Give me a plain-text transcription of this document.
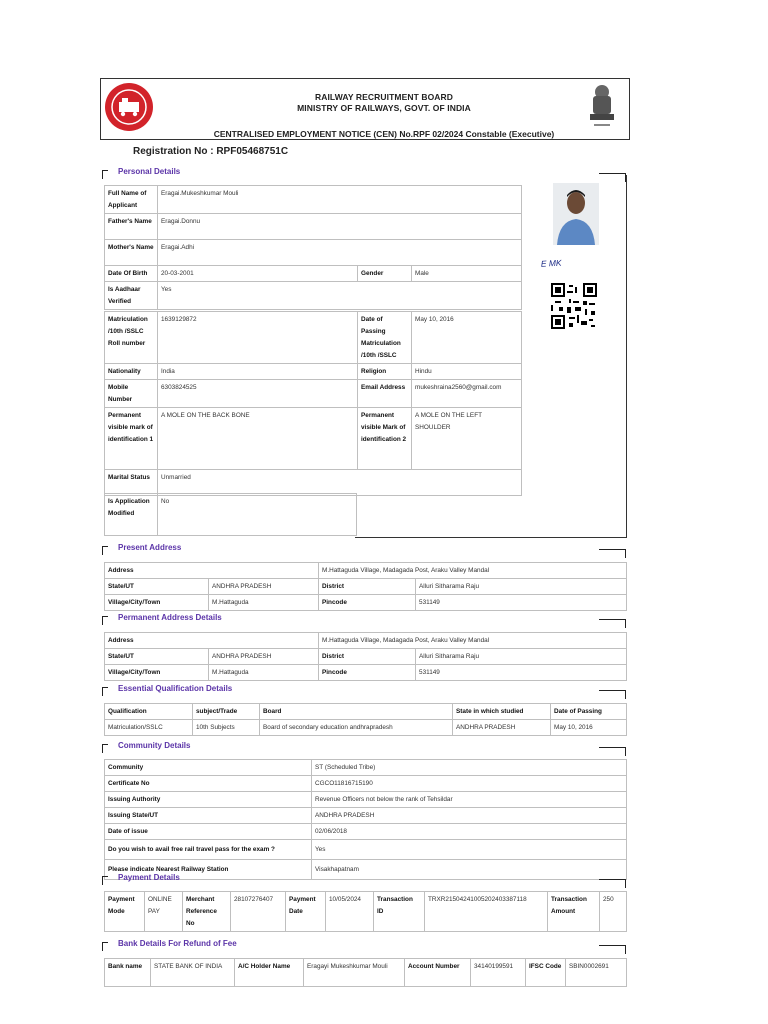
RAILWAY RECRUITMENT BOARD
MINISTRY OF RAILWAYS, GOVT. OF INDIA
CENTRALISED EMPLOYMENT NOTICE (CEN) No.RPF 02/2024 Constable (Executive)
Registration No : RPF05468751C
Personal Details
Full Name of Applicant	Eragai.Mukeshkumar Mouli		
Father's Name	Eragai.Donnu		
Mother's Name	Eragai.Adhi		
Date Of Birth	20-03-2001	Gender	Male
Is Aadhaar Verified	Yes		
Matriculation /10th /SSLC Roll number	1639129872	Date of Passing Matriculation /10th /SSLC	May 10, 2016
Nationality	India	Religion	Hindu
Mobile Number	6303824525	Email Address	mukeshraina2560@gmail.com
Permanent visible mark of identification 1	A MOLE ON THE BACK BONE	Permanent visible Mark of identification 2	A MOLE ON THE LEFT SHOULDER
Marital Status	Unmarried		
Is Application Modified	No
E MK
Present Address
Address		M.Hattaguda Village, Madagada Post, Araku Valley Mandal	
State/UT	ANDHRA PRADESH	District	Alluri Sitharama Raju
Village/City/Town	M.Hattaguda	Pincode	531149
Permanent Address Details
Address		M.Hattaguda Village, Madagada Post, Araku Valley Mandal	
State/UT	ANDHRA PRADESH	District	Alluri Sitharama Raju
Village/City/Town	M.Hattaguda	Pincode	531149
Essential Qualification Details
Qualification	subject/Trade	Board	State in which studied	Date of Passing
Matriculation/SSLC	10th Subjects	Board of secondary education andhrapradesh	ANDHRA PRADESH	May 10, 2016
Community Details
Community	ST (Scheduled Tribe)
Certificate No	CGCO11816715190
Issuing Authority	Revenue Officers not below the rank of Tehsildar
Issuing State/UT	ANDHRA PRADESH
Date of issue	02/06/2018
Do you wish to avail free rail travel pass for the exam ?	Yes
Please indicate Nearest Railway Station	Visakhapatnam
Payment Details
Payment Mode	ONLINE PAY	Merchant Reference No	28107276407	Payment Date	10/05/2024	Transaction ID	TRXR21504241005202403387118	Transaction Amount	250
Bank Details For Refund of Fee
Bank name	STATE BANK OF INDIA	A/C Holder Name	Eragayi Mukeshkumar Mouli	Account Number	34140199591	IFSC Code	SBIN0002691
